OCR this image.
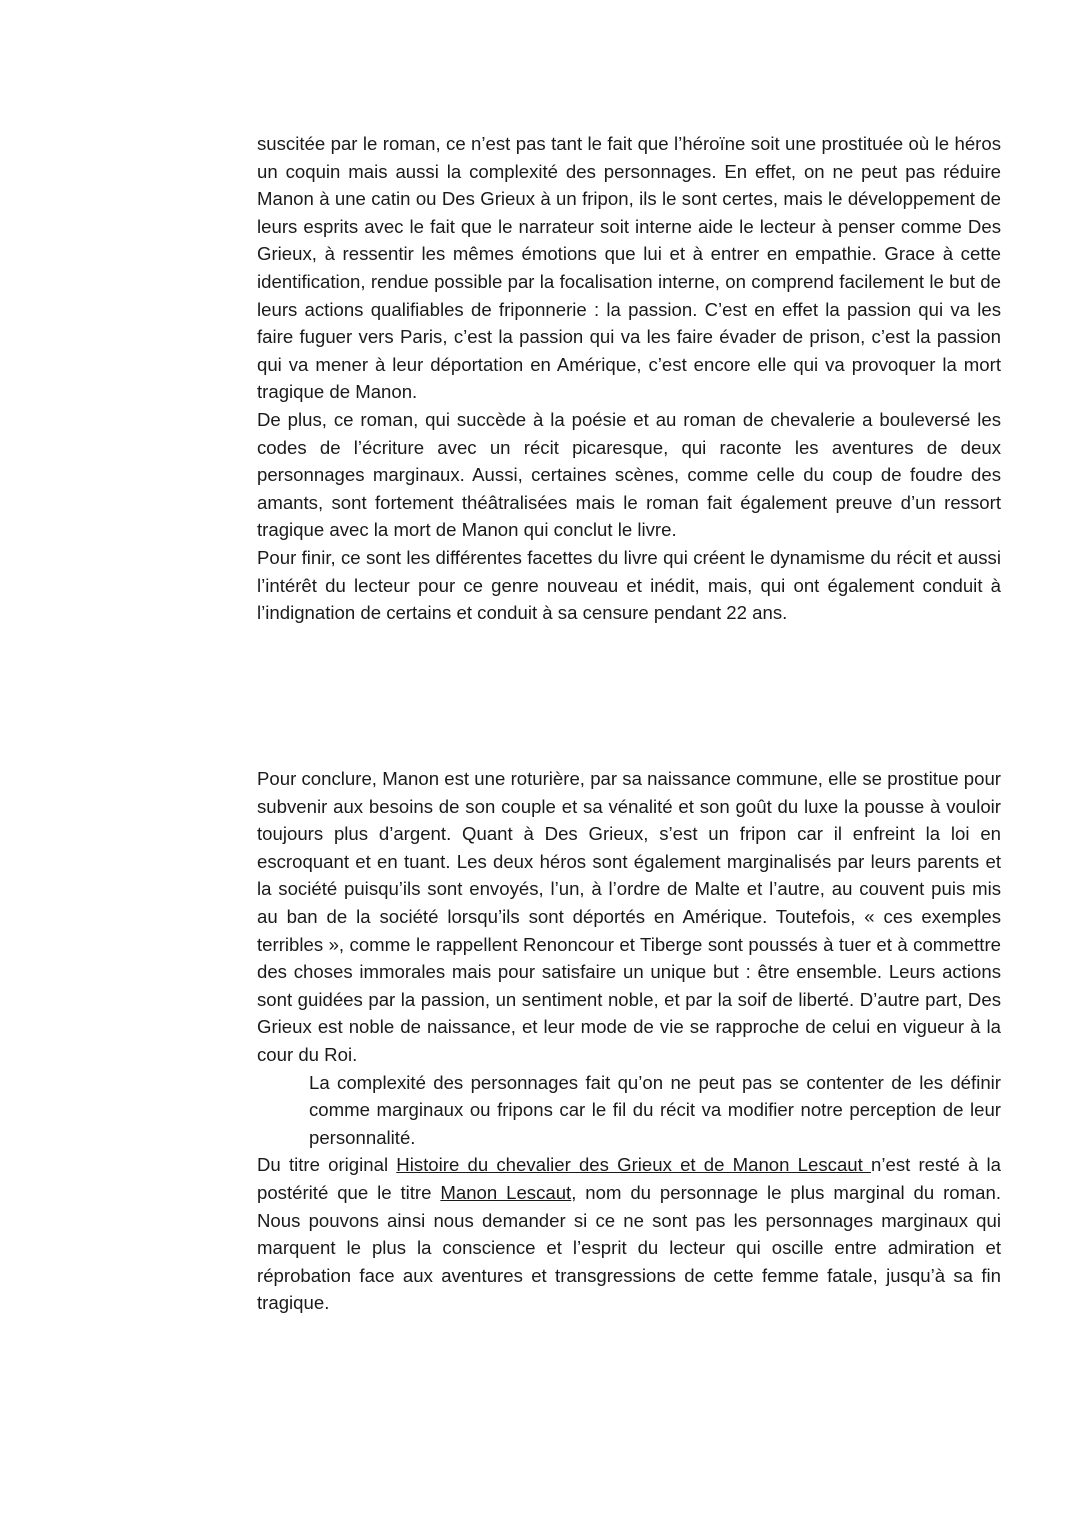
suscitée par le roman, ce n’est pas tant le fait que l’héroïne soit une prostituée où le héros un coquin mais aussi la complexité des personnages. En effet, on ne peut pas réduire Manon à une catin ou Des Grieux à un fripon, ils le sont certes, mais le développement de leurs esprits avec le fait que le narrateur soit interne aide le lecteur à penser comme Des Grieux, à ressentir les mêmes émotions que lui et à entrer en empathie. Grace à cette identification, rendue possible par la focalisation interne, on comprend facilement le but de leurs actions qualifiables de friponnerie : la passion. C’est en effet la passion qui va les faire fuguer vers Paris, c’est la passion qui va les faire évader de prison, c’est la passion qui va mener à leur déportation en Amérique, c’est encore elle qui va provoquer la mort tragique de Manon.

De plus, ce roman, qui succède à la poésie et au roman de chevalerie a bouleversé les codes de l’écriture avec un récit picaresque, qui raconte les aventures de deux personnages marginaux. Aussi, certaines scènes, comme celle du coup de foudre des amants, sont fortement théâtralisées mais le roman fait également preuve d’un ressort tragique avec la mort de Manon qui conclut le livre.

Pour finir, ce sont les différentes facettes du livre qui créent le dynamisme du récit et aussi l’intérêt du lecteur pour ce genre nouveau et inédit, mais, qui ont également conduit à l’indignation de certains et conduit à sa censure pendant 22 ans.

Pour conclure, Manon est une roturière, par sa naissance commune, elle se prostitue pour subvenir aux besoins de son couple et sa vénalité et son goût du luxe la pousse à vouloir toujours plus d’argent. Quant à Des Grieux, s’est un fripon car il enfreint la loi en escroquant et en tuant. Les deux héros sont également marginalisés par leurs parents et la société puisqu’ils sont envoyés, l’un, à l’ordre de Malte et l’autre, au couvent puis mis au ban de la société lorsqu’ils sont déportés en Amérique. Toutefois, « ces exemples terribles », comme le rappellent Renoncour et Tiberge sont poussés à tuer et à commettre des choses immorales mais pour satisfaire un unique but : être ensemble. Leurs actions sont guidées par la passion, un sentiment noble, et par la soif de liberté. D’autre part, Des Grieux est noble de naissance, et leur mode de vie se rapproche de celui en vigueur à la cour du Roi.

La complexité des personnages fait qu’on ne peut pas se contenter de les définir comme marginaux ou fripons car le fil du récit va modifier notre perception de leur personnalité.

Du titre original Histoire du chevalier des Grieux et de Manon Lescaut n’est resté à la postérité que le titre Manon Lescaut, nom du personnage le plus marginal du roman. Nous pouvons ainsi nous demander si ce ne sont pas les personnages marginaux qui marquent le plus la conscience et l’esprit du lecteur qui oscille entre admiration et réprobation face aux aventures et transgressions de cette femme fatale, jusqu’à sa fin tragique.
